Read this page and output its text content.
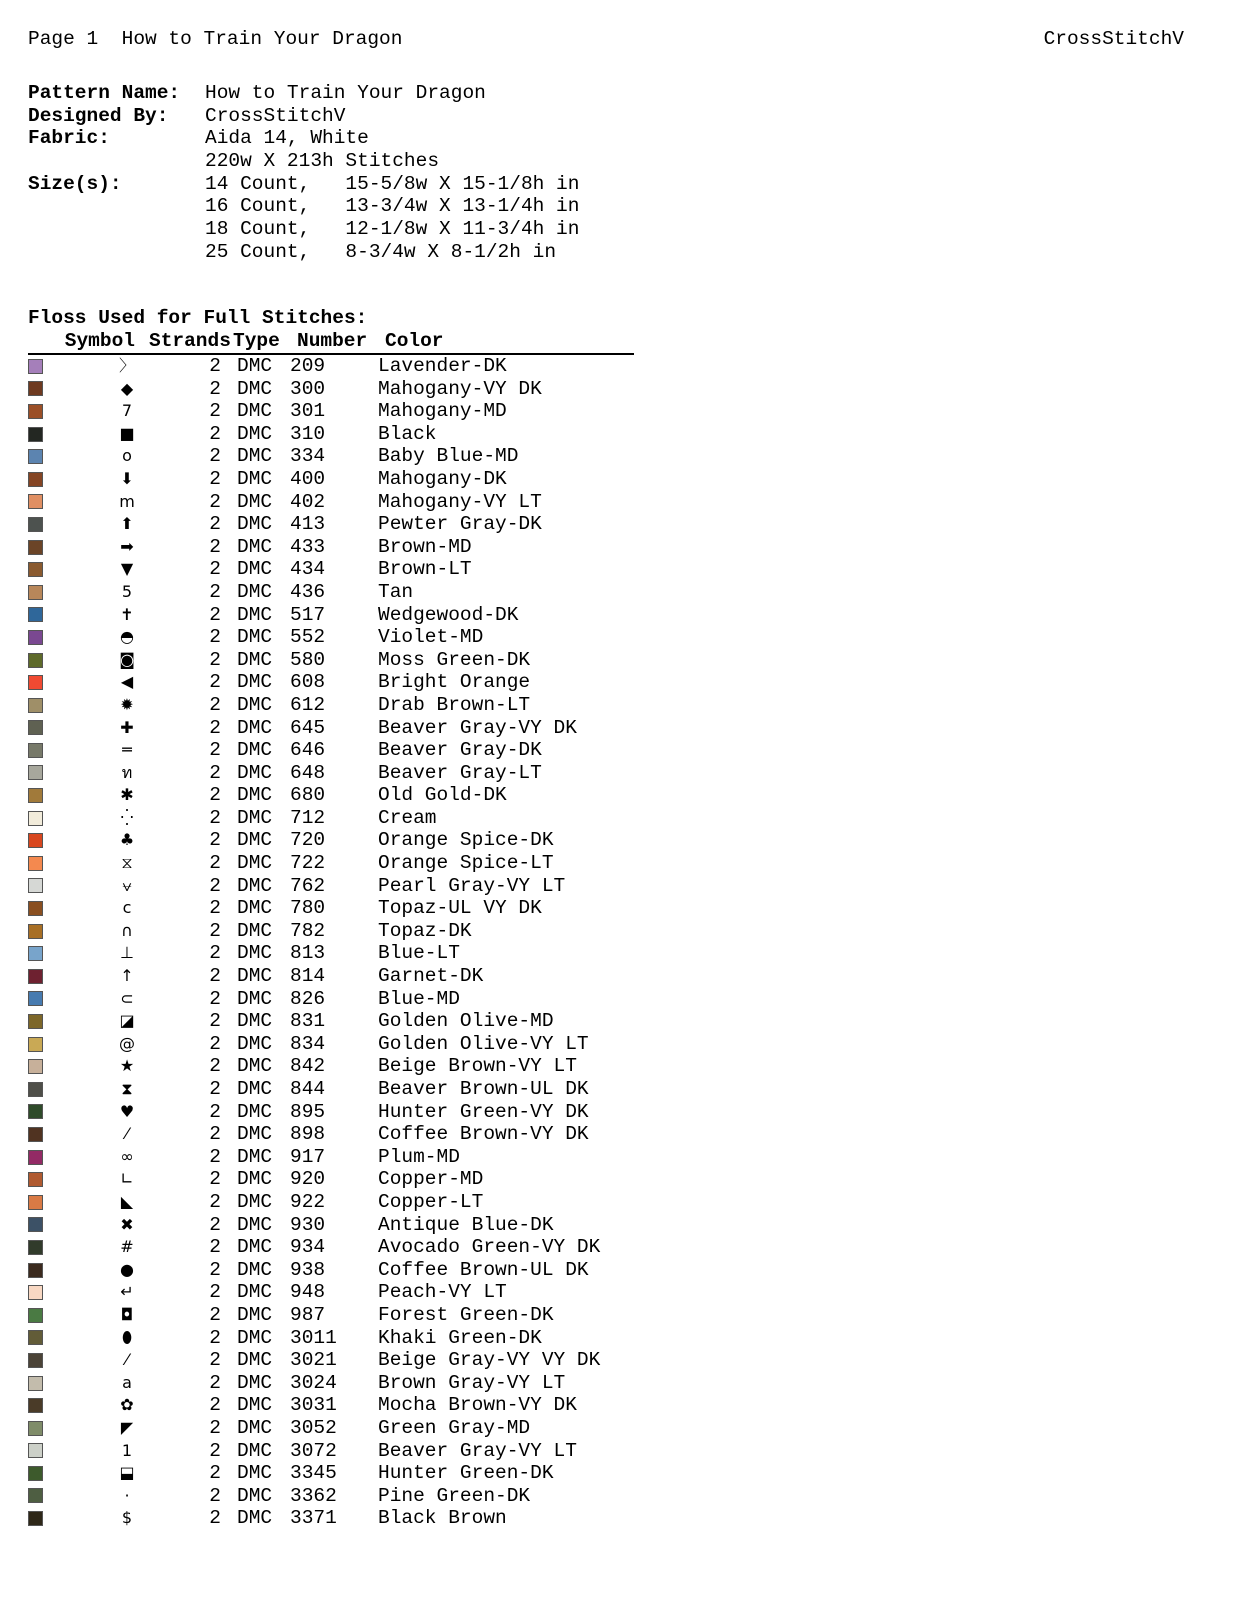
Page 1  How to Train Your Dragon	CrossStitchV
Pattern Name:	How to Train Your Dragon
Designed By:	CrossStitchV
Fabric:	Aida 14, White
220w X 213h Stitches
Size(s):	14 Count,   15-5/8w X 15-1/8h in
16 Count,   13-3/4w X 13-1/4h in
18 Count,   12-1/8w X 11-3/4h in
25 Count,   8-3/4w X 8-1/2h in
Floss Used for Full Stitches:
Symbol Strands Type Number Color
〉	2 DMC 209	Lavender-DK
◆	2 DMC 300	Mahogany-VY DK
7	2 DMC 301	Mahogany-MD
■	2 DMC 310	Black
o	2 DMC 334	Baby Blue-MD
⬇	2 DMC 400	Mahogany-DK
m	2 DMC 402	Mahogany-VY LT
⬆	2 DMC 413	Pewter Gray-DK
➡	2 DMC 433	Brown-MD
▼	2 DMC 434	Brown-LT
5	2 DMC 436	Tan
✝	2 DMC 517	Wedgewood-DK
◓	2 DMC 552	Violet-MD
◙	2 DMC 580	Moss Green-DK
◀	2 DMC 608	Bright Orange
✹	2 DMC 612	Drab Brown-LT
✚	2 DMC 645	Beaver Gray-VY DK
═	2 DMC 646	Beaver Gray-DK
ท	2 DMC 648	Beaver Gray-LT
✱	2 DMC 680	Old Gold-DK
⁛	2 DMC 712	Cream
♣	2 DMC 720	Orange Spice-DK
⧖	2 DMC 722	Orange Spice-LT
⩝	2 DMC 762	Pearl Gray-VY LT
c	2 DMC 780	Topaz-UL VY DK
∩	2 DMC 782	Topaz-DK
⊥	2 DMC 813	Blue-LT
↑	2 DMC 814	Garnet-DK
⊂	2 DMC 826	Blue-MD
◪	2 DMC 831	Golden Olive-MD
@	2 DMC 834	Golden Olive-VY LT
★	2 DMC 842	Beige Brown-VY LT
⧗	2 DMC 844	Beaver Brown-UL DK
♥	2 DMC 895	Hunter Green-VY DK
⁄	2 DMC 898	Coffee Brown-VY DK
∞	2 DMC 917	Plum-MD
∟	2 DMC 920	Copper-MD
◣	2 DMC 922	Copper-LT
✖	2 DMC 930	Antique Blue-DK
#	2 DMC 934	Avocado Green-VY DK
●	2 DMC 938	Coffee Brown-UL DK
↵	2 DMC 948	Peach-VY LT
◘	2 DMC 987	Forest Green-DK
⬮	2 DMC 3011	Khaki Green-DK
⁄	2 DMC 3021	Beige Gray-VY VY DK
a	2 DMC 3024	Brown Gray-VY LT
✿	2 DMC 3031	Mocha Brown-VY DK
◤	2 DMC 3052	Green Gray-MD
1	2 DMC 3072	Beaver Gray-VY LT
⬓	2 DMC 3345	Hunter Green-DK
·	2 DMC 3362	Pine Green-DK
$	2 DMC 3371	Black Brown
